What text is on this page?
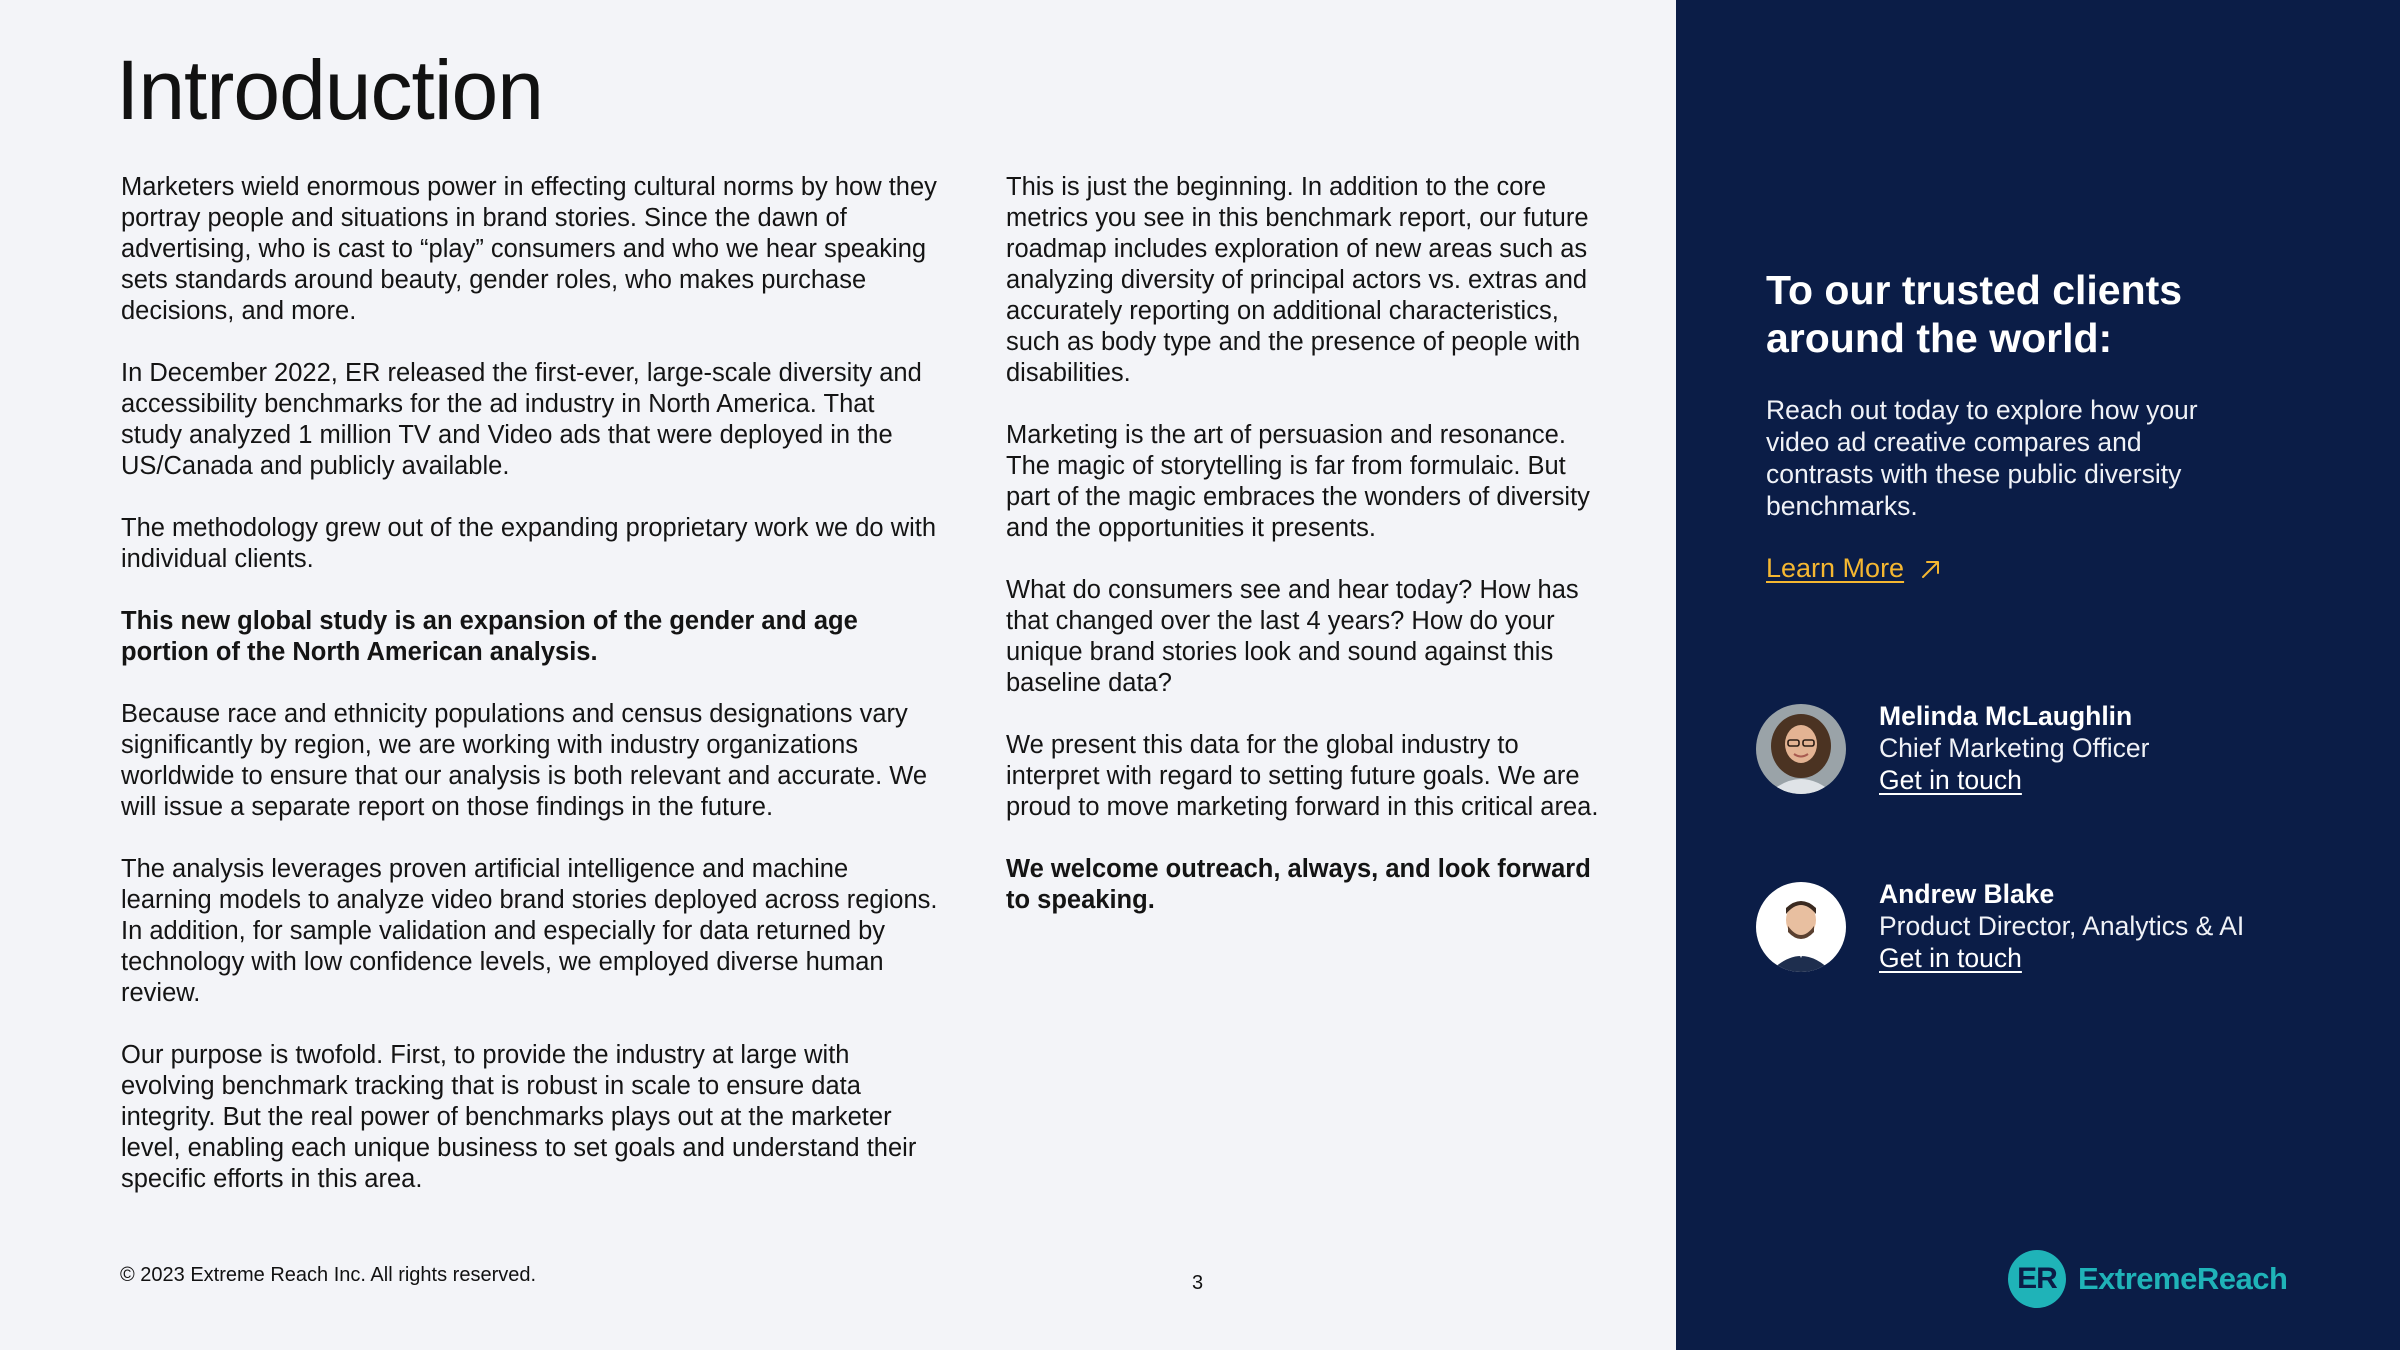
Introduction

Marketers wield enormous power in effecting cultural norms by how they portray people and situations in brand stories. Since the dawn of advertising, who is cast to “play” consumers and who we hear speaking sets standards around beauty, gender roles, who makes purchase decisions, and more.

In December 2022, ER released the first-ever, large-scale diversity and accessibility benchmarks for the ad industry in North America. That study analyzed 1 million TV and Video ads that were deployed in the US/Canada and publicly available.

The methodology grew out of the expanding proprietary work we do with individual clients.

This new global study is an expansion of the gender and age portion of the North American analysis.

Because race and ethnicity populations and census designations vary significantly by region, we are working with industry organizations worldwide to ensure that our analysis is both relevant and accurate. We will issue a separate report on those findings in the future.

The analysis leverages proven artificial intelligence and machine learning models to analyze video brand stories deployed across regions. In addition, for sample validation and especially for data returned by technology with low confidence levels, we employed diverse human review.

Our purpose is twofold. First, to provide the industry at large with evolving benchmark tracking that is robust in scale to ensure data integrity. But the real power of benchmarks plays out at the marketer level, enabling each unique business to set goals and understand their specific efforts in this area.

This is just the beginning. In addition to the core metrics you see in this benchmark report, our future roadmap includes exploration of new areas such as analyzing diversity of principal actors vs. extras and accurately reporting on additional characteristics, such as body type and the presence of people with disabilities.

Marketing is the art of persuasion and resonance. The magic of storytelling is far from formulaic. But part of the magic embraces the wonders of diversity and the opportunities it presents.

What do consumers see and hear today? How has that changed over the last 4 years? How do your unique brand stories look and sound against this baseline data?

We present this data for the global industry to interpret with regard to setting future goals. We are proud to move marketing forward in this critical area.

We welcome outreach, always, and look forward to speaking.

© 2023 Extreme Reach Inc. All rights reserved.	3
To our trusted clients around the world:

Reach out today to explore how your video ad creative compares and contrasts with these public diversity benchmarks.

Learn More
Melinda McLaughlin
Chief Marketing Officer
Get in touch
Andrew Blake
Product Director, Analytics & AI
Get in touch
ER ExtremeReach
